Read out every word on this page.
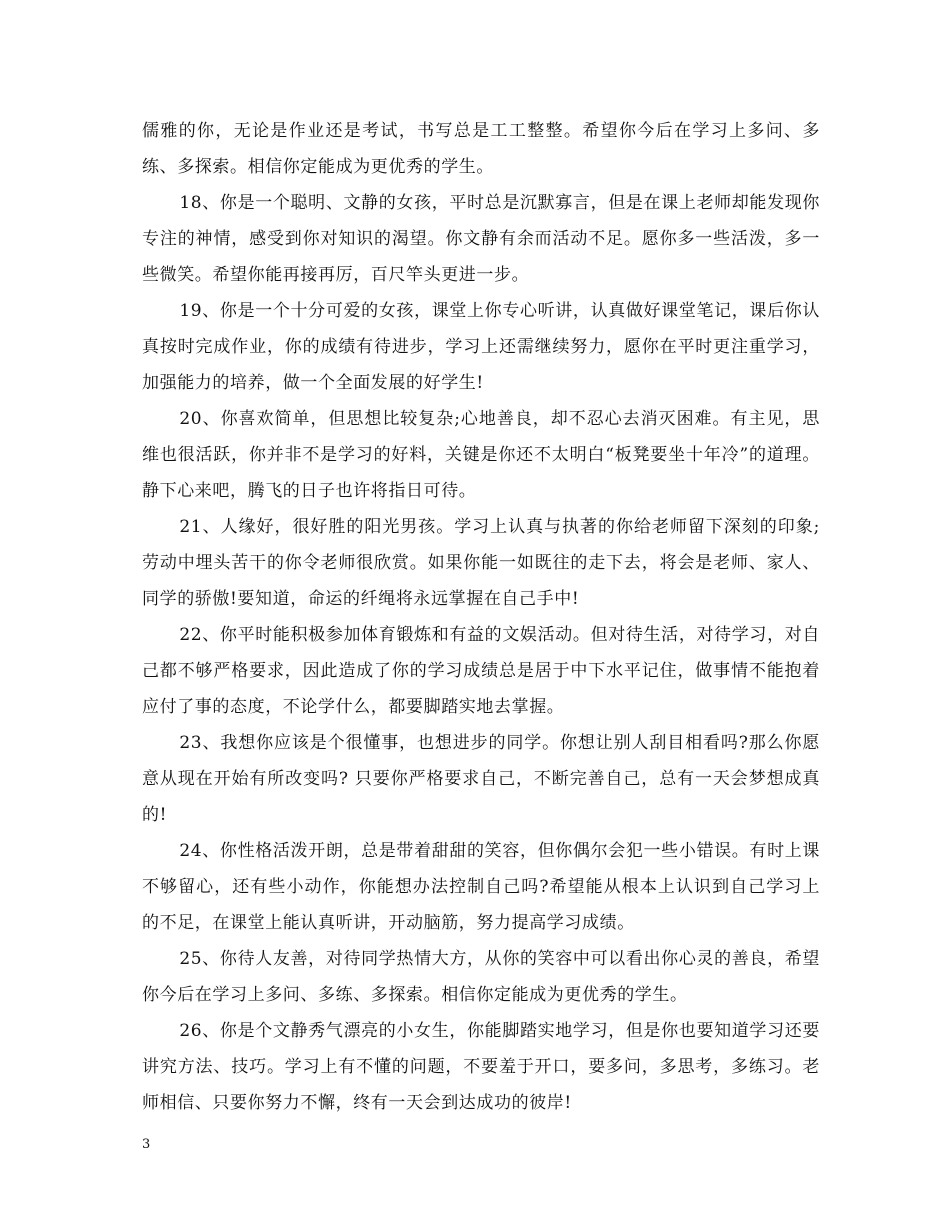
儒雅的你，无论是作业还是考试，书写总是工工整整。希望你今后在学习上多问、多练、多探索。相信你定能成为更优秀的学生。

18、你是一个聪明、文静的女孩，平时总是沉默寡言，但是在课上老师却能发现你专注的神情，感受到你对知识的渴望。你文静有余而活动不足。愿你多一些活泼，多一些微笑。希望你能再接再厉，百尺竿头更进一步。

19、你是一个十分可爱的女孩，课堂上你专心听讲，认真做好课堂笔记，课后你认真按时完成作业，你的成绩有待进步，学习上还需继续努力，愿你在平时更注重学习，加强能力的培养，做一个全面发展的好学生!

20、你喜欢简单，但思想比较复杂;心地善良，却不忍心去消灭困难。有主见，思维也很活跃，你并非不是学习的好料，关键是你还不太明白“板凳要坐十年冷”的道理。静下心来吧，腾飞的日子也许将指日可待。

21、人缘好，很好胜的阳光男孩。学习上认真与执著的你给老师留下深刻的印象;劳动中埋头苦干的你令老师很欣赏。如果你能一如既往的走下去，将会是老师、家人、同学的骄傲!要知道，命运的纤绳将永远掌握在自己手中!

22、你平时能积极参加体育锻炼和有益的文娱活动。但对待生活，对待学习，对自己都不够严格要求，因此造成了你的学习成绩总是居于中下水平记住，做事情不能抱着应付了事的态度，不论学什么，都要脚踏实地去掌握。

23、我想你应该是个很懂事，也想进步的同学。你想让别人刮目相看吗?那么你愿意从现在开始有所改变吗? 只要你严格要求自己，不断完善自己，总有一天会梦想成真的!

24、你性格活泼开朗，总是带着甜甜的笑容，但你偶尔会犯一些小错误。有时上课不够留心，还有些小动作，你能想办法控制自己吗?希望能从根本上认识到自己学习上的不足，在课堂上能认真听讲，开动脑筋，努力提高学习成绩。

25、你待人友善，对待同学热情大方，从你的笑容中可以看出你心灵的善良，希望你今后在学习上多问、多练、多探索。相信你定能成为更优秀的学生。

26、你是个文静秀气漂亮的小女生，你能脚踏实地学习，但是你也要知道学习还要讲究方法、技巧。学习上有不懂的问题，不要羞于开口，要多问，多思考，多练习。老师相信、只要你努力不懈，终有一天会到达成功的彼岸!

3
